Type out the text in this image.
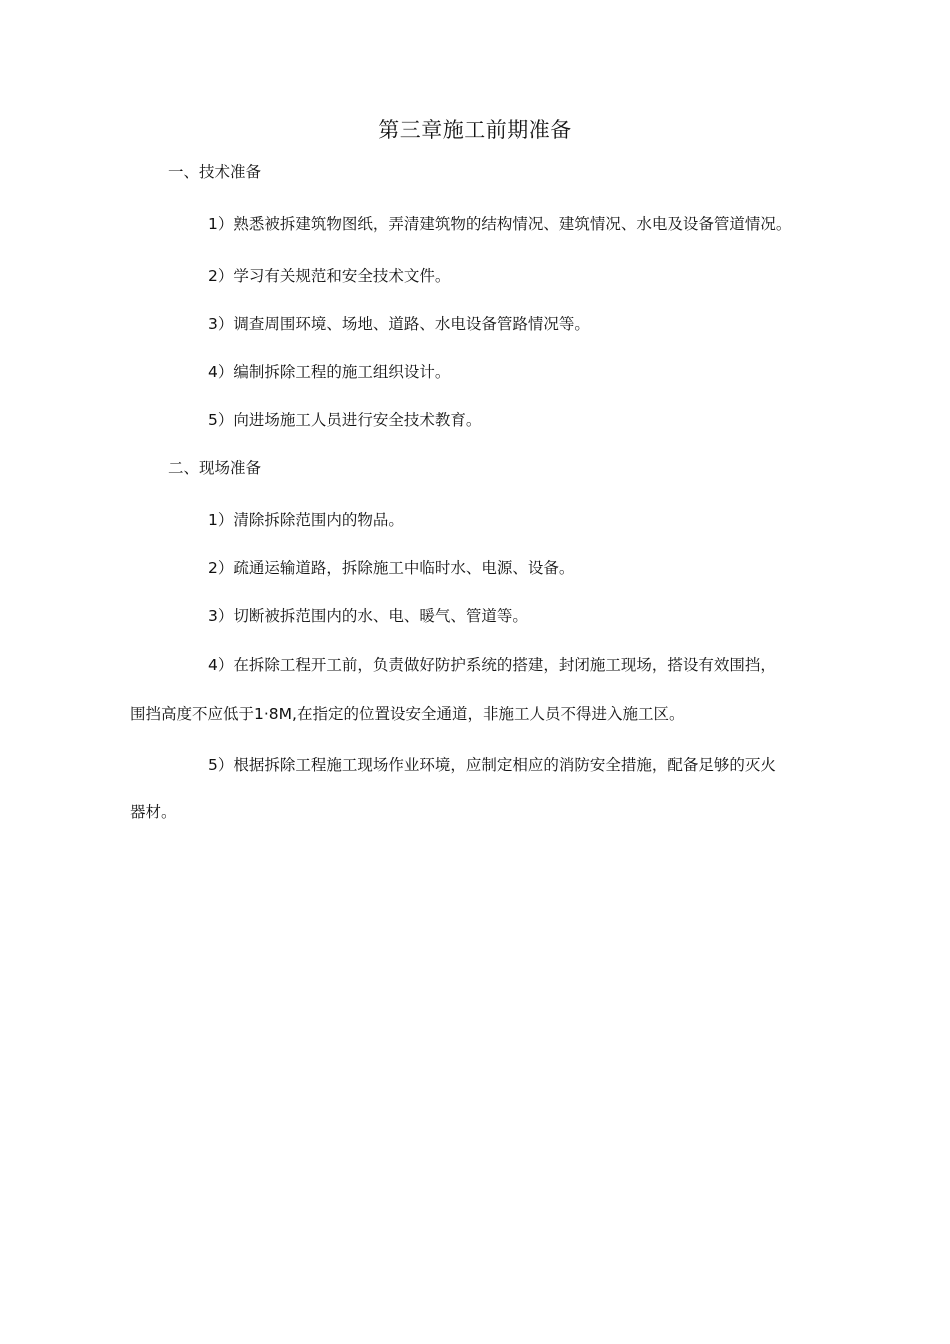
第三章施工前期准备
一、技术准备
1）熟悉被拆建筑物图纸，弄清建筑物的结构情况、建筑情况、水电及设备管道情况。
2）学习有关规范和安全技术文件。
3）调查周围环境、场地、道路、水电设备管路情况等。
4）编制拆除工程的施工组织设计。
5）向进场施工人员进行安全技术教育。
二、现场准备
1）清除拆除范围内的物品。
2）疏通运输道路，拆除施工中临时水、电源、设备。
3）切断被拆范围内的水、电、暖气、管道等。
4）在拆除工程开工前，负责做好防护系统的搭建，封闭施工现场，搭设有效围挡，
围挡高度不应低于1·8M,在指定的位置设安全通道，非施工人员不得进入施工区。
5）根据拆除工程施工现场作业环境，应制定相应的消防安全措施，配备足够的灭火
器材。
